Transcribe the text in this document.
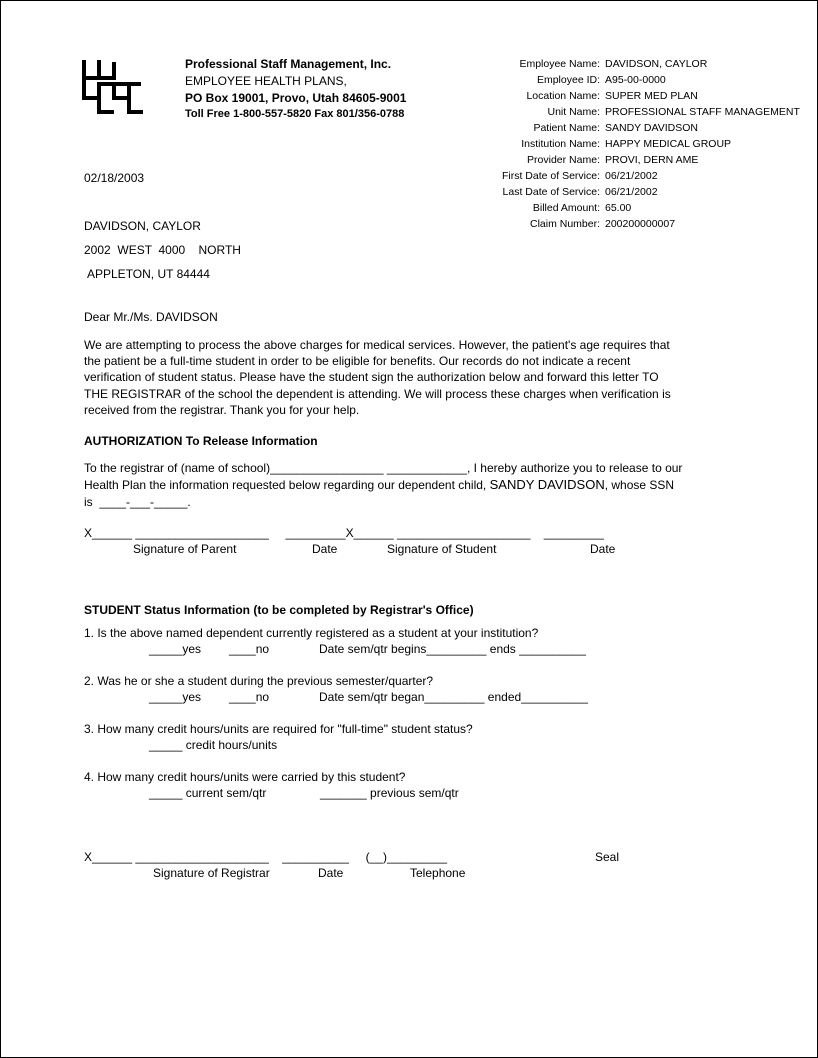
Professional Staff Management, Inc.
EMPLOYEE HEALTH PLANS,
PO Box 19001, Provo, Utah 84605-9001
Toll Free 1-800-557-5820 Fax 801/356-0788
Employee Name: DAVIDSON, CAYLOR
Employee ID: A95-00-0000
Location Name: SUPER MED PLAN
Unit Name: PROFESSIONAL STAFF MANAGEMENT
Patient Name: SANDY DAVIDSON
Institution Name: HAPPY MEDICAL GROUP
Provider Name: PROVI, DERN AME
First Date of Service: 06/21/2002
Last Date of Service: 06/21/2002
Billed Amount: 65.00
Claim Number: 200200000007
02/18/2003
DAVIDSON, CAYLOR
2002  WEST  4000    NORTH
APPLETON, UT 84444
Dear Mr./Ms. DAVIDSON
We are attempting to process the above charges for medical services. However, the patient's age requires that
the patient be a full-time student in order to be eligible for benefits. Our records do not indicate a recent
verification of student status. Please have the student sign the authorization below and forward this letter TO
THE REGISTRAR of the school the dependent is attending. We will process these charges when verification is
received from the registrar. Thank you for your help.
AUTHORIZATION To Release Information
To the registrar of (name of school)_________________ ____________, I hereby authorize you to release to our
Health Plan the information requested below regarding our dependent child, SANDY DAVIDSON, whose SSN
is  ____-___-_____.
X______ ____________________     _________X______ ____________________    _________
Signature of Parent	Date	Signature of Student	Date
STUDENT Status Information (to be completed by Registrar's Office)
1. Is the above named dependent currently registered as a student at your institution?
_____yes ____no	Date sem/qtr begins_________ ends __________
2. Was he or she a student during the previous semester/quarter?
_____yes ____no	Date sem/qtr began_________ ended__________
3. How many credit hours/units are required for "full-time" student status?
_____ credit hours/units
4. How many credit hours/units were carried by this student?
_____ current sem/qtr	_______ previous sem/qtr
X______ ____________________    __________     (__)_________	Seal
Signature of Registrar	Date	Telephone
